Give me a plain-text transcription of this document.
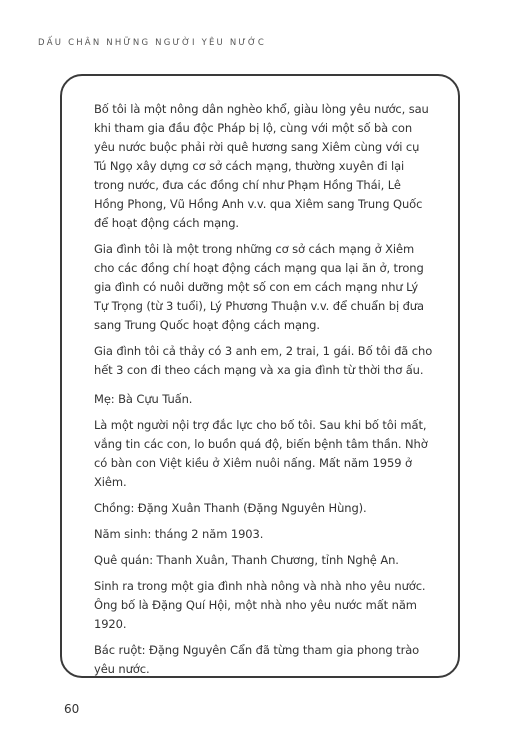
DẤU CHÂN NHỮNG NGƯỜI YÊU NƯỚC

Bố tôi là một nông dân nghèo khổ, giàu lòng yêu nước, sau khi tham gia đầu độc Pháp bị lộ, cùng với một số bà con yêu nước buộc phải rời quê hương sang Xiêm cùng với cụ Tú Ngọ xây dựng cơ sở cách mạng, thường xuyên đi lại trong nước, đưa các đồng chí như Phạm Hồng Thái, Lê Hồng Phong, Vũ Hồng Anh v.v. qua Xiêm sang Trung Quốc để hoạt động cách mạng.

Gia đình tôi là một trong những cơ sở cách mạng ở Xiêm cho các đồng chí hoạt động cách mạng qua lại ăn ở, trong gia đình có nuôi dưỡng một số con em cách mạng như Lý Tự Trọng (từ 3 tuổi), Lý Phương Thuận v.v. để chuẩn bị đưa sang Trung Quốc hoạt động cách mạng.

Gia đình tôi cả thảy có 3 anh em, 2 trai, 1 gái. Bố tôi đã cho hết 3 con đi theo cách mạng và xa gia đình từ thời thơ ấu.

Mẹ: Bà Cựu Tuấn.

Là một người nội trợ đắc lực cho bố tôi. Sau khi bố tôi mất, vắng tin các con, lo buồn quá độ, biến bệnh tâm thần. Nhờ có bàn con Việt kiều ở Xiêm nuôi nấng. Mất năm 1959 ở Xiêm.

Chồng: Đặng Xuân Thanh (Đặng Nguyên Hùng).

Năm sinh: tháng 2 năm 1903.

Quê quán: Thanh Xuân, Thanh Chương, tỉnh Nghệ An.

Sinh ra trong một gia đình nhà nông và nhà nho yêu nước. Ông bố là Đặng Quí Hội, một nhà nho yêu nước mất năm 1920.

Bác ruột: Đặng Nguyên Cẩn đã từng tham gia phong trào yêu nước.

60
